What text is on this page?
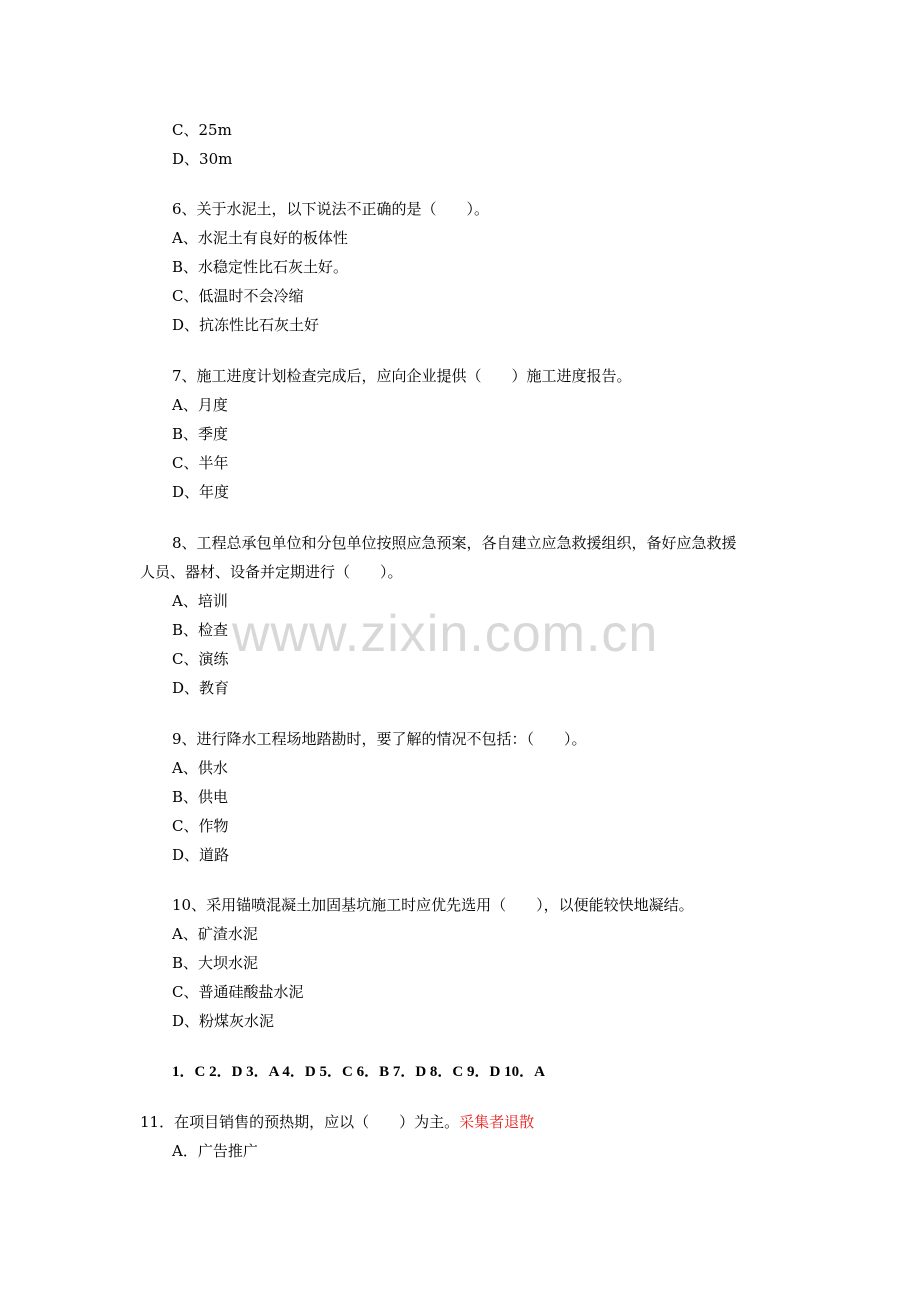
www.zixin.com.cn
C、25m
D、30m
6、关于水泥土，以下说法不正确的是（　　）。
A、水泥土有良好的板体性
B、水稳定性比石灰土好。
C、低温时不会冷缩
D、抗冻性比石灰土好
7、施工进度计划检查完成后，应向企业提供（　　）施工进度报告。
A、月度
B、季度
C、半年
D、年度
8、工程总承包单位和分包单位按照应急预案，各自建立应急救援组织，备好应急救援
人员、器材、设备并定期进行（　　）。
A、培训
B、检查
C、演练
D、教育
9、进行降水工程场地踏勘时，要了解的情况不包括：（　　）。
A、供水
B、供电
C、作物
D、道路
10、采用锚喷混凝土加固基坑施工时应优先选用（　　），以便能较快地凝结。
A、矿渣水泥
B、大坝水泥
C、普通硅酸盐水泥
D、粉煤灰水泥
1．C 2．D 3．A 4．D 5．C 6．B 7．D 8．C 9．D 10．A
11．在项目销售的预热期，应以（　　）为主。采集者退散
A．广告推广
